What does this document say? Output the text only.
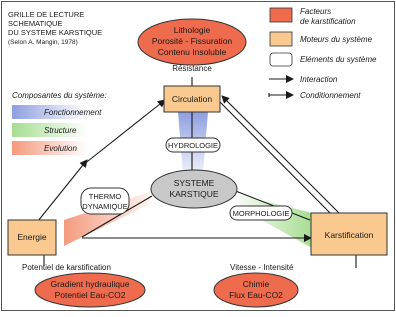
GRILLE DE LECTURE
SCHEMATIQUE
DU SYSTEME KARSTIQUE
(Selon A. Mangin, 1978)
Lithologie
Porosité - Fissuration
Contenu Insoluble
Résistance
Circulation
Energie	Karstification
HYDROLOGIE
SYSTEME
KARSTIQUE
THERMO
DYNAMIQUE
MORPHOLOGIE
Composantes du système:
Fonctionnement
Structure
Evolution
Facteurs
de karstification
Moteurs du système
Eléments du système
Interaction
Conditionnement
Potentiel de karstification	Vitesse - Intensité
Gradient hydraulique
Potentiel Eau-CO2
Chimie
Flux Eau-CO2
